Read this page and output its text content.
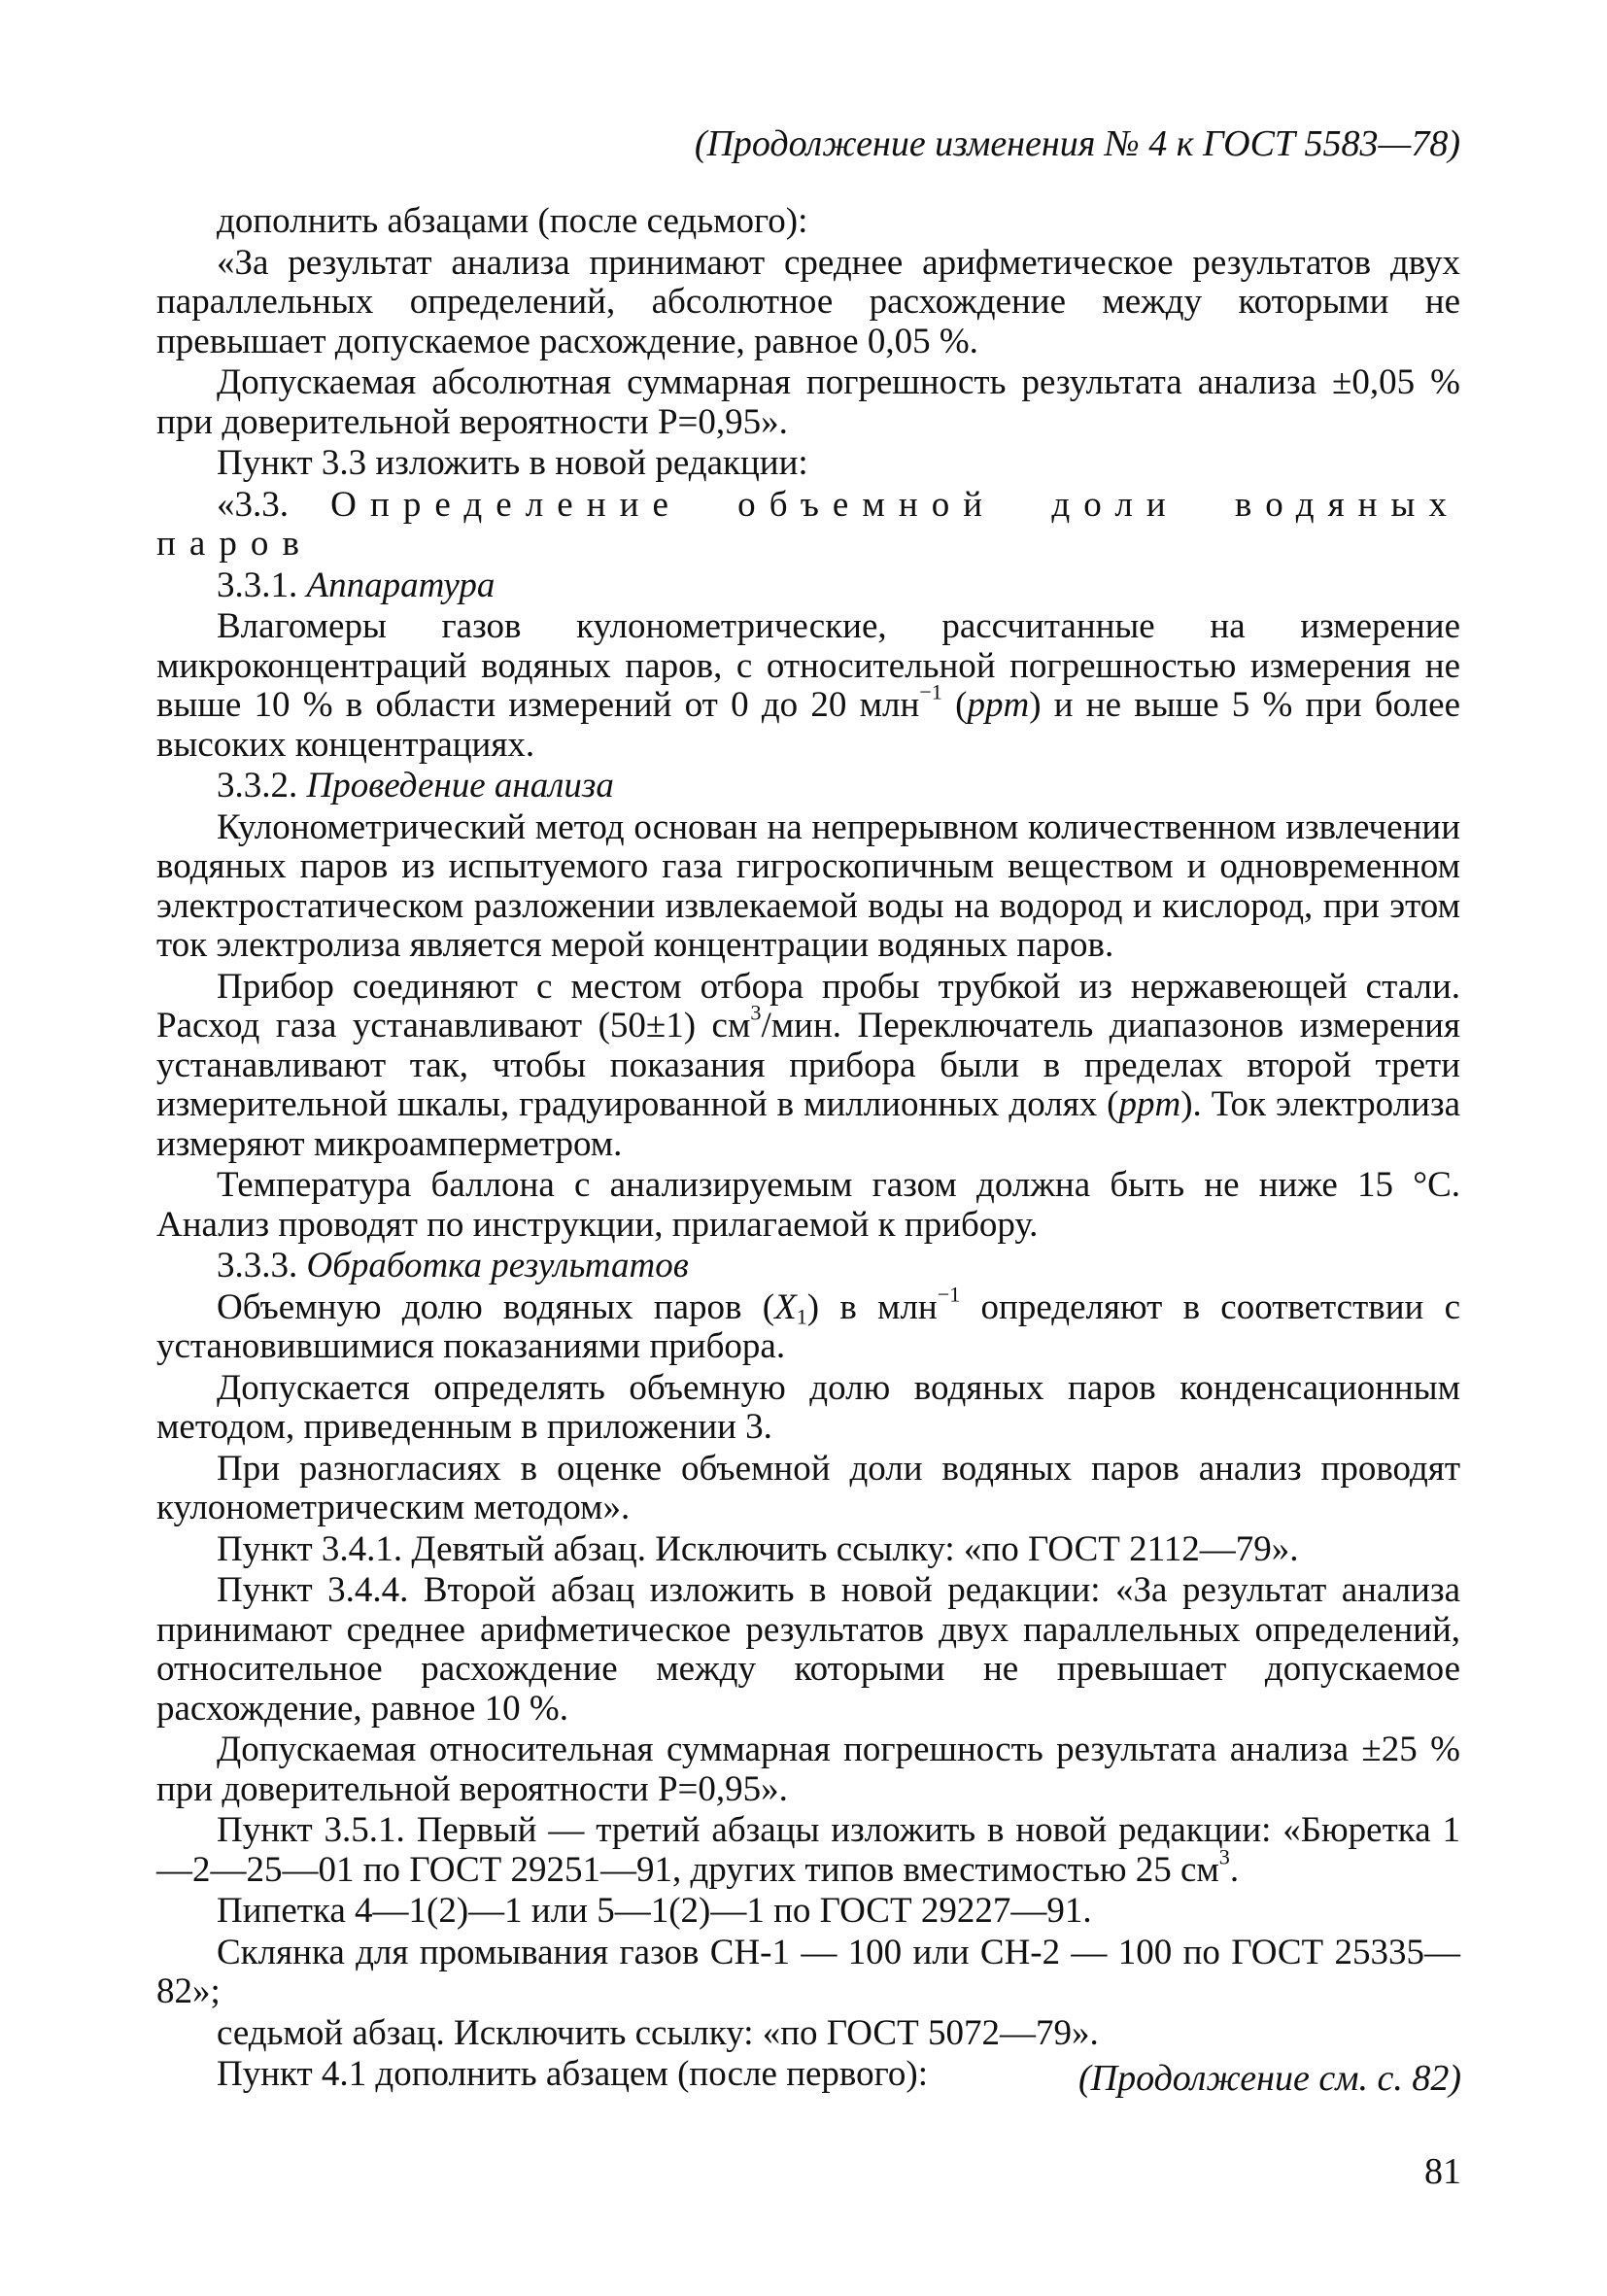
(Продолжение изменения № 4 к ГОСТ 5583—78)

дополнить абзацами (после седьмого):

«За результат анализа принимают среднее арифметическое результатов двух параллельных определений, абсолютное расхождение между которыми не превышает допускаемое расхождение, равное 0,05 %.

Допускаемая абсолютная суммарная погрешность результата анализа ±0,05 % при доверительной вероятности P=0,95».

Пункт 3.3 изложить в новой редакции:

«3.3. Определение объемной доли водяных паров

3.3.1. Аппаратура

Влагомеры газов кулонометрические, рассчитанные на измерение микроконцентраций водяных паров, с относительной погрешностью измерения не выше 10 % в области измерений от 0 до 20 млн$^{-1}$ (ppm) и не выше 5 % при более высоких концентрациях.

3.3.2. Проведение анализа

Кулонометрический метод основан на непрерывном количественном извлечении водяных паров из испытуемого газа гигроскопичным веществом и одновременном электростатическом разложении извлекаемой воды на водород и кислород, при этом ток электролиза является мерой концентрации водяных паров.

Прибор соединяют с местом отбора пробы трубкой из нержавеющей стали. Расход газа устанавливают (50±1) $см^3$/мин. Переключатель диапазонов измерения устанавливают так, чтобы показания прибора были в пределах второй трети измерительной шкалы, градуированной в миллионных долях (ppm). Ток электролиза измеряют микроамперметром.

Температура баллона с анализируемым газом должна быть не ниже 15 °С. Анализ проводят по инструкции, прилагаемой к прибору.

3.3.3. Обработка результатов

Объемную долю водяных паров $(X_1)$ в млн$^{-1}$ определяют в соответствии с установившимися показаниями прибора.

Допускается определять объемную долю водяных паров конденсационным методом, приведенным в приложении 3.

При разногласиях в оценке объемной доли водяных паров анализ проводят кулонометрическим методом».

Пункт 3.4.1. Девятый абзац. Исключить ссылку: «по ГОСТ 2112—79».

Пункт 3.4.4. Второй абзац изложить в новой редакции: «За результат анализа принимают среднее арифметическое результатов двух параллельных определений, относительное расхождение между которыми не превышает допускаемое расхождение, равное 10 %.

Допускаемая относительная суммарная погрешность результата анализа ±25 % при доверительной вероятности P=0,95».

Пункт 3.5.1. Первый — третий абзацы изложить в новой редакции: «Бюретка 1—2—25—01 по ГОСТ 29251—91, других типов вместимостью 25 $см^3$.

Пипетка 4—1(2)—1 или 5—1(2)—1 по ГОСТ 29227—91.

Склянка для промывания газов СН-1 — 100 или СН-2 — 100 по ГОСТ 25335—82»;

седьмой абзац. Исключить ссылку: «по ГОСТ 5072—79».

Пункт 4.1 дополнить абзацем (после первого):	(Продолжение см. с. 82)
81
